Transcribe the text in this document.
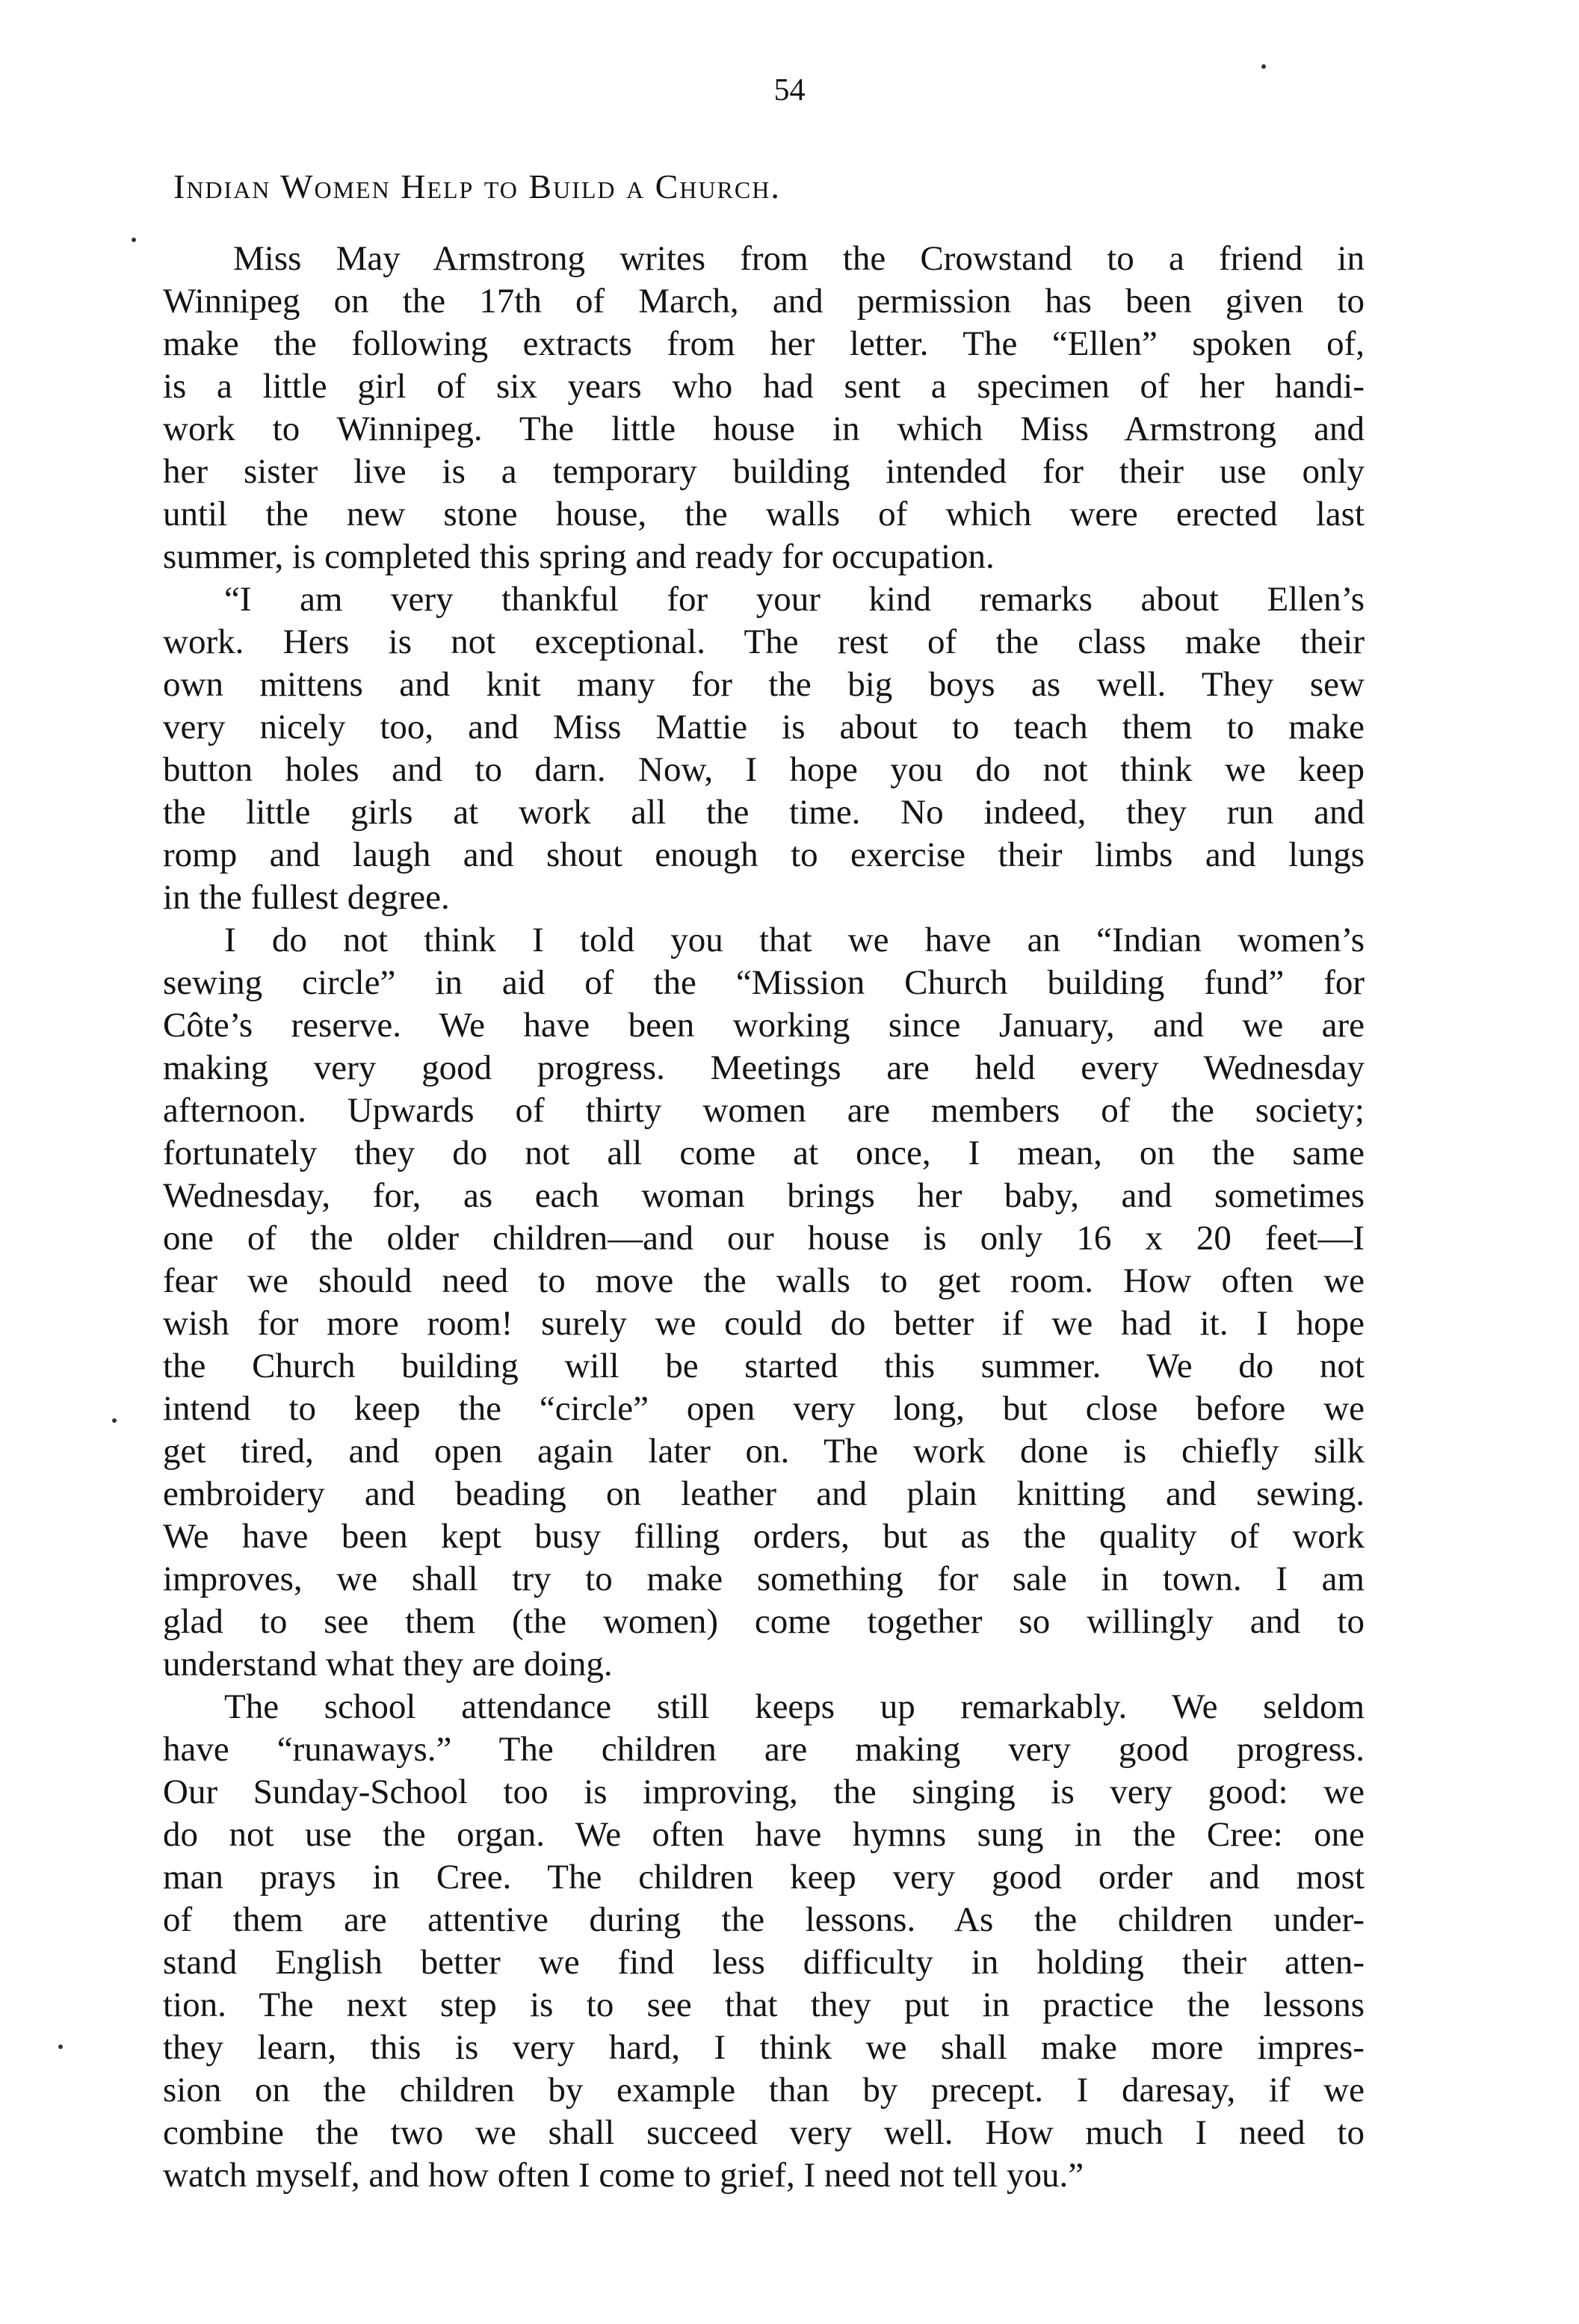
54
Indian Women Help to Build a Church.
Miss May Armstrong writes from the Crowstand to a friend in
Winnipeg on the 17th of March, and permission has been given to
make the following extracts from her letter. The “Ellen” spoken of,
is a little girl of six years who had sent a specimen of her handi-
work to Winnipeg. The little house in which Miss Armstrong and
her sister live is a temporary building intended for their use only
until the new stone house, the walls of which were erected last
summer, is completed this spring and ready for occupation.
“I am very thankful for your kind remarks about Ellen’s
work. Hers is not exceptional. The rest of the class make their
own mittens and knit many for the big boys as well. They sew
very nicely too, and Miss Mattie is about to teach them to make
button holes and to darn. Now, I hope you do not think we keep
the little girls at work all the time. No indeed, they run and
romp and laugh and shout enough to exercise their limbs and lungs
in the fullest degree.
I do not think I told you that we have an “Indian women’s
sewing circle” in aid of the “Mission Church building fund” for
Côte’s reserve. We have been working since January, and we are
making very good progress. Meetings are held every Wednesday
afternoon. Upwards of thirty women are members of the society;
fortunately they do not all come at once, I mean, on the same
Wednesday, for, as each woman brings her baby, and sometimes
one of the older children—and our house is only 16 x 20 feet—I
fear we should need to move the walls to get room. How often we
wish for more room! surely we could do better if we had it. I hope
the Church building will be started this summer. We do not
intend to keep the “circle” open very long, but close before we
get tired, and open again later on. The work done is chiefly silk
embroidery and beading on leather and plain knitting and sewing.
We have been kept busy filling orders, but as the quality of work
improves, we shall try to make something for sale in town. I am
glad to see them (the women) come together so willingly and to
understand what they are doing.
The school attendance still keeps up remarkably. We seldom
have “runaways.” The children are making very good progress.
Our Sunday-School too is improving, the singing is very good: we
do not use the organ. We often have hymns sung in the Cree: one
man prays in Cree. The children keep very good order and most
of them are attentive during the lessons. As the children under-
stand English better we find less difficulty in holding their atten-
tion. The next step is to see that they put in practice the lessons
they learn, this is very hard, I think we shall make more impres-
sion on the children by example than by precept. I daresay, if we
combine the two we shall succeed very well. How much I need to
watch myself, and how often I come to grief, I need not tell you.”
